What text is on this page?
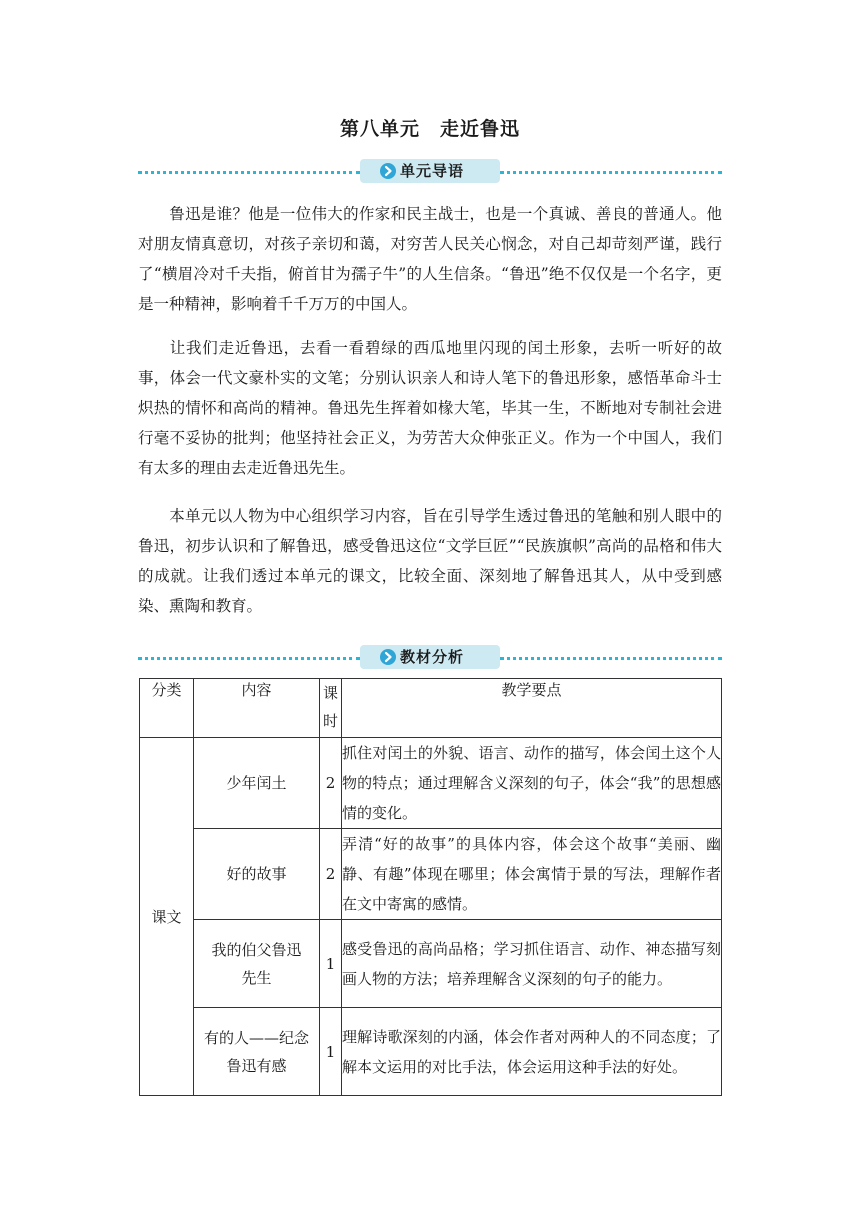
第八单元　走近鲁迅
单元导语

鲁迅是谁？他是一位伟大的作家和民主战士，也是一个真诚、善良的普通人。他对朋友情真意切，对孩子亲切和蔼，对穷苦人民关心悯念，对自己却苛刻严谨，践行了“横眉冷对千夫指，俯首甘为孺子牛”的人生信条。“鲁迅”绝不仅仅是一个名字，更是一种精神，影响着千千万万的中国人。

让我们走近鲁迅，去看一看碧绿的西瓜地里闪现的闰土形象，去听一听好的故事，体会一代文豪朴实的文笔；分别认识亲人和诗人笔下的鲁迅形象，感悟革命斗士炽热的情怀和高尚的精神。鲁迅先生挥着如椽大笔，毕其一生，不断地对专制社会进行毫不妥协的批判；他坚持社会正义，为劳苦大众伸张正义。作为一个中国人，我们有太多的理由去走近鲁迅先生。

本单元以人物为中心组织学习内容，旨在引导学生透过鲁迅的笔触和别人眼中的鲁迅，初步认识和了解鲁迅，感受鲁迅这位“文学巨匠”“民族旗帜”高尚的品格和伟大的成就。让我们透过本单元的课文，比较全面、深刻地了解鲁迅其人，从中受到感染、熏陶和教育。

教材分析
分类	内容	课时	教学要点
课文	少年闰土	2	抓住对闰土的外貌、语言、动作的描写，体会闰土这个人物的特点；通过理解含义深刻的句子，体会“我”的思想感情的变化。
	好的故事	2	弄清“好的故事”的具体内容，体会这个故事“美丽、幽静、有趣”体现在哪里；体会寓情于景的写法，理解作者在文中寄寓的感情。
	我的伯父鲁迅先生	1	感受鲁迅的高尚品格；学习抓住语言、动作、神态描写刻画人物的方法；培养理解含义深刻的句子的能力。
	有的人——纪念鲁迅有感	1	理解诗歌深刻的内涵，体会作者对两种人的不同态度；了解本文运用的对比手法，体会运用这种手法的好处。
